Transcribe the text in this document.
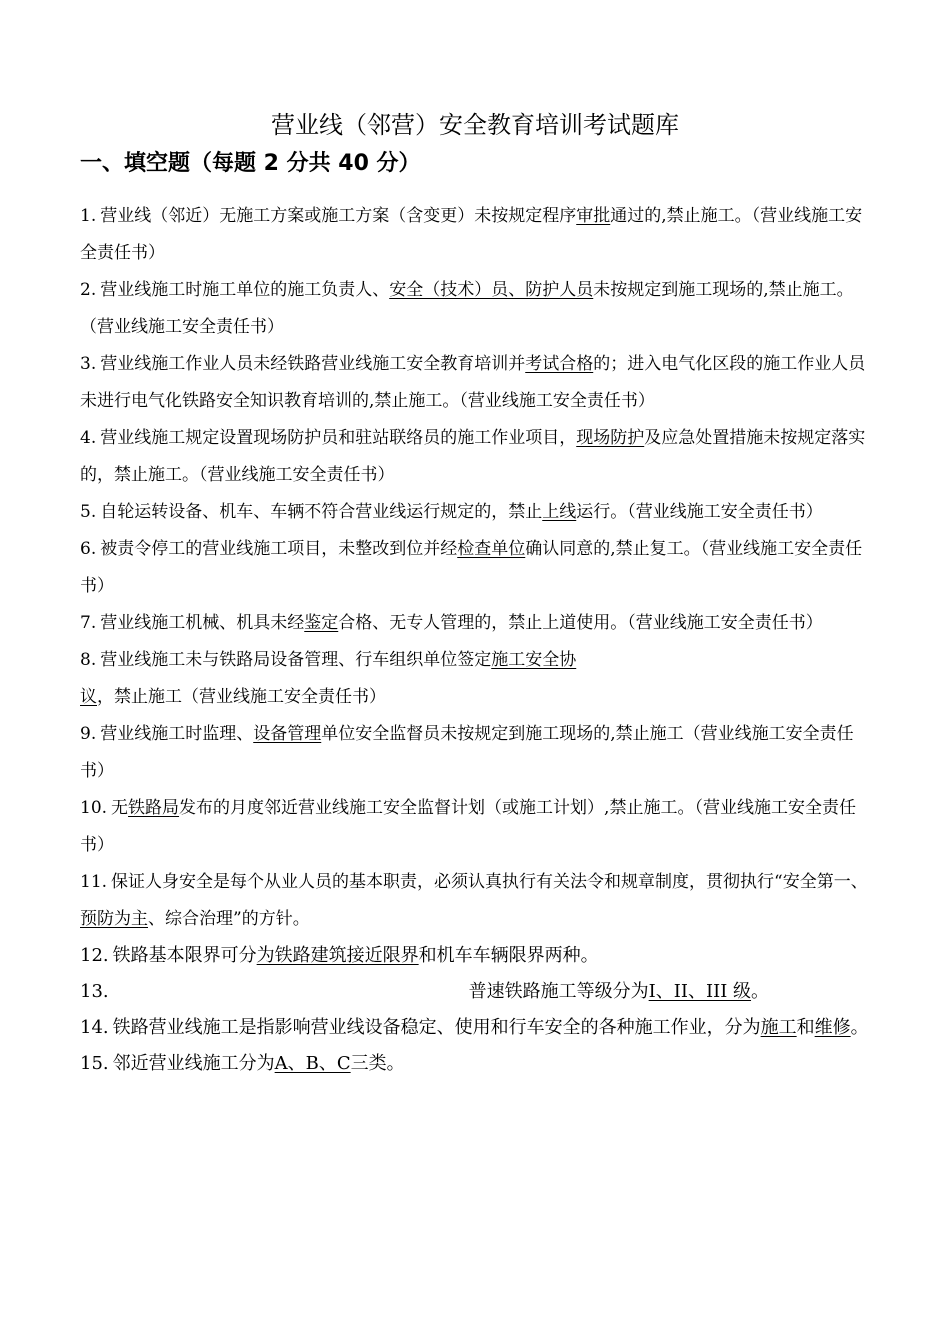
营业线（邻营）安全教育培训考试题库
一、填空题（每题 2 分共 40 分）

1. 营业线（邻近）无施工方案或施工方案（含变更）未按规定程序审批通过的,禁止施工。（营业线施工安全责任书）

2. 营业线施工时施工单位的施工负责人、安全（技术）员、防护人员未按规定到施工现场的,禁止施工。（营业线施工安全责任书）

3. 营业线施工作业人员未经铁路营业线施工安全教育培训并考试合格的；进入电气化区段的施工作业人员未进行电气化铁路安全知识教育培训的,禁止施工。（营业线施工安全责任书）

4. 营业线施工规定设置现场防护员和驻站联络员的施工作业项目，现场防护及应急处置措施未按规定落实的，禁止施工。（营业线施工安全责任书）

5. 自轮运转设备、机车、车辆不符合营业线运行规定的，禁止上线运行。（营业线施工安全责任书）

6. 被责令停工的营业线施工项目，未整改到位并经检查单位确认同意的,禁止复工。（营业线施工安全责任书）

7. 营业线施工机械、机具未经鉴定合格、无专人管理的，禁止上道使用。（营业线施工安全责任书）

8. 营业线施工未与铁路局设备管理、行车组织单位签定施工安全协议，禁止施工（营业线施工安全责任书）

9. 营业线施工时监理、设备管理单位安全监督员未按规定到施工现场的,禁止施工（营业线施工安全责任书）

10. 无铁路局发布的月度邻近营业线施工安全监督计划（或施工计划）,禁止施工。（营业线施工安全责任书）

11. 保证人身安全是每个从业人员的基本职责，必须认真执行有关法令和规章制度，贯彻执行“安全第一、预防为主、综合治理”的方针。

12. 铁路基本限界可分为铁路建筑接近限界和机车车辆限界两种。

13.	普速铁路施工等级分为I、II、III 级。

14. 铁路营业线施工是指影响营业线设备稳定、使用和行车安全的各种施工作业，分为施工和维修。

15. 邻近营业线施工分为A、B、C三类。
